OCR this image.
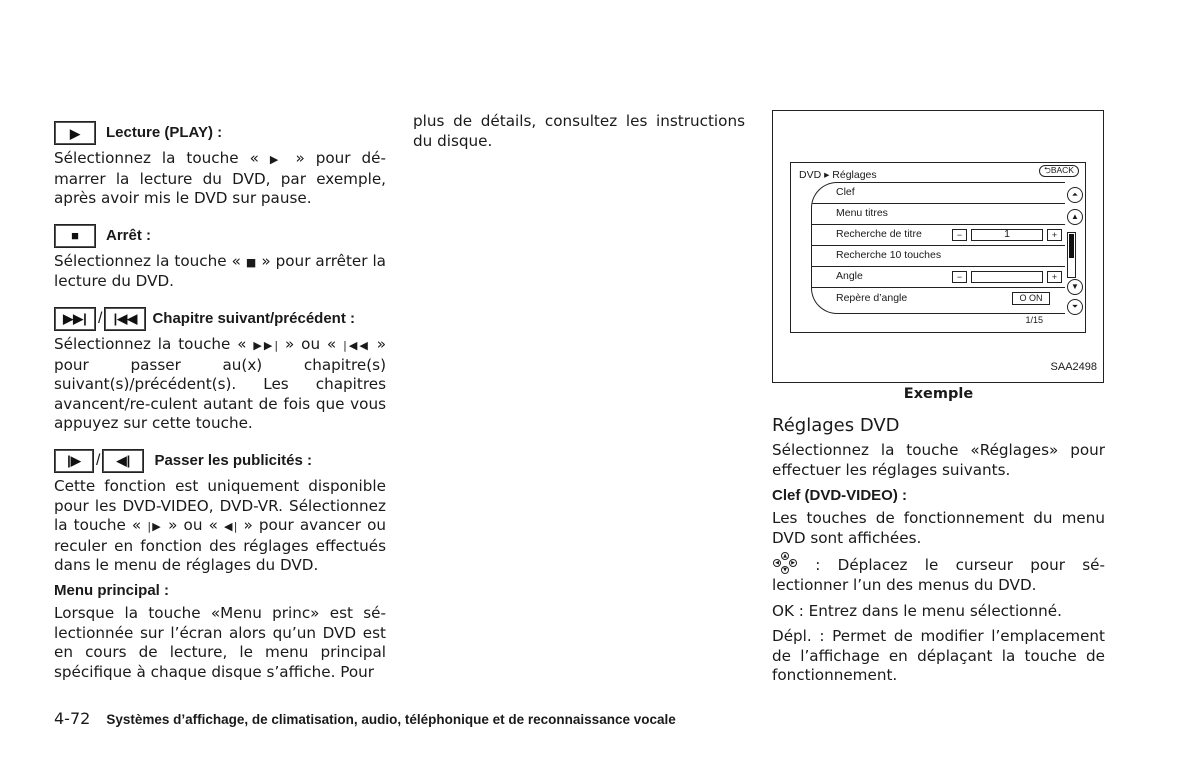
▶	Lecture (PLAY) :

Sélectionnez la touche « ▶ » pour dé-marrer la lecture du DVD, par exemple, après avoir mis le DVD sur pause.

■	Arrêt :

Sélectionnez la touche « ■ » pour arrêter la lecture du DVD.

▶▶| / |◀◀	Chapitre suivant/précédent :

Sélectionnez la touche « ▶▶| » ou « |◀◀ » pour passer au(x) chapitre(s) suivant(s)/précédent(s). Les chapitres avancent/re-culent autant de fois que vous appuyez sur cette touche.

|▶ /	◀|	Passer les publicités :

Cette fonction est uniquement disponible pour les DVD-VIDEO, DVD-VR. Sélectionnez la touche « |▶ » ou « ◀| » pour avancer ou reculer en fonction des réglages effectués dans le menu de réglages du DVD.

Menu principal :

Lorsque la touche «Menu princ» est sé-lectionnée sur l’écran alors qu’un DVD est en cours de lecture, le menu principal spécifique à chaque disque s’affiche. Pour

plus de détails, consultez les instructions du disque.

DVD ▸ Réglages	⮌ BACK
Clef
Menu titres
Recherche de titre	−	1	+
Recherche 10 touches
Angle	−	+
Repère d’angle	O ON
⏶
▲
▼
⏷
1/15
SAA2498
Exemple
Réglages DVD

Sélectionnez la touche «Réglages» pour effectuer les réglages suivants.

Clef (DVD-VIDEO) :

Les touches de fonctionnement du menu DVD sont affichées.

▲
◀	▶
▼ : Déplacez le curseur pour sé-lectionner l’un des menus du DVD.

OK : Entrez dans le menu sélectionné.

Dépl. : Permet de modifier l’emplacement de l’affichage en déplaçant la touche de fonctionnement.

4-72 Systèmes d’affichage, de climatisation, audio, téléphonique et de reconnaissance vocale
